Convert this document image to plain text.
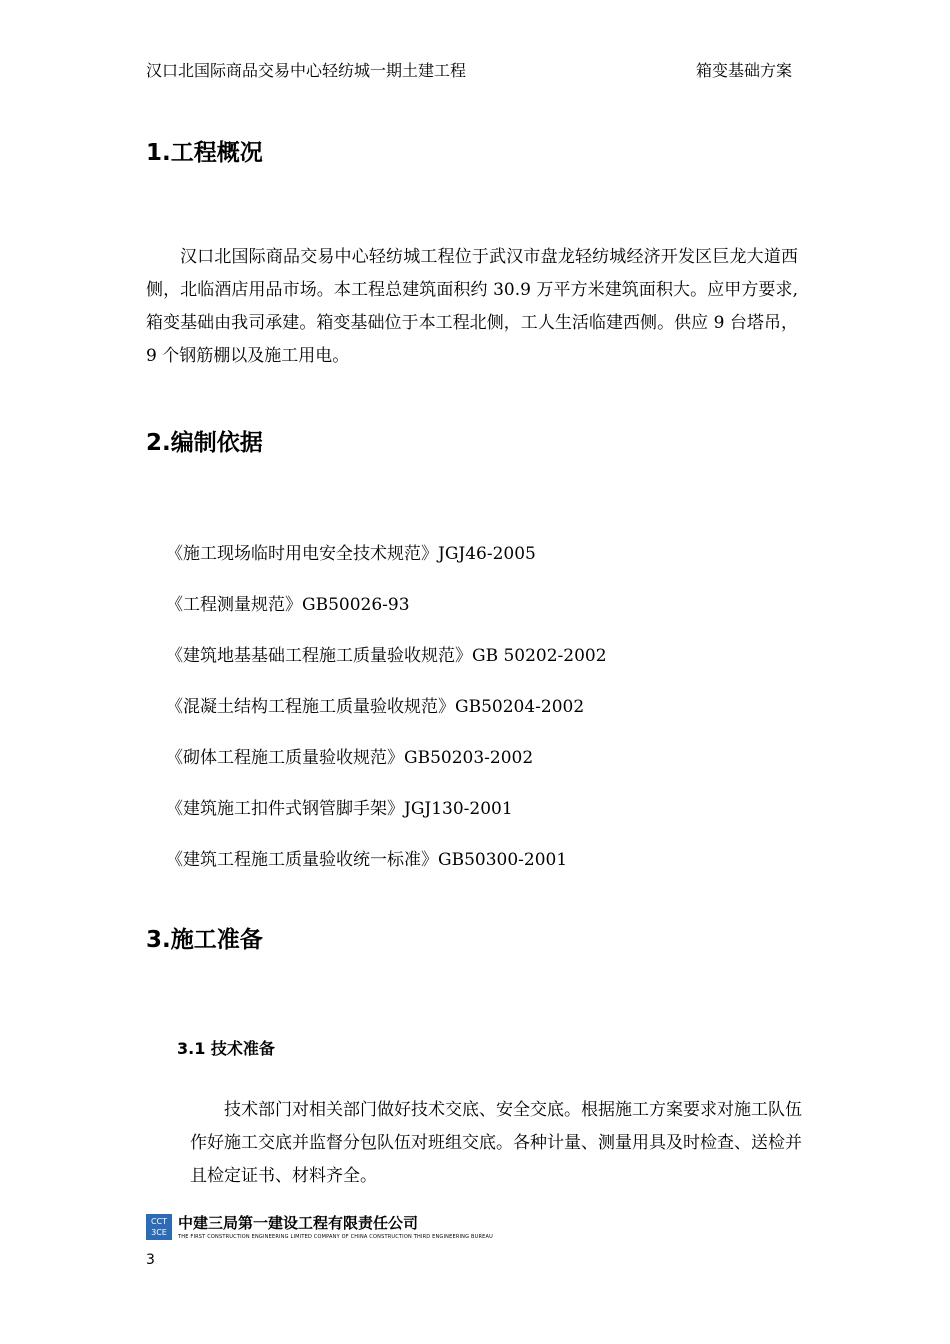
汉口北国际商品交易中心轻纺城一期土建工程	箱变基础方案
1.工程概况

汉口北国际商品交易中心轻纺城工程位于武汉市盘龙轻纺城经济开发区巨龙大道西侧，北临酒店用品市场。本工程总建筑面积约 30.9 万平方米建筑面积大。应甲方要求,箱变基础由我司承建。箱变基础位于本工程北侧，工人生活临建西侧。供应 9 台塔吊，9 个钢筋棚以及施工用电。

2.编制依据

《施工现场临时用电安全技术规范》JGJ46-2005

《工程测量规范》GB50026-93

《建筑地基基础工程施工质量验收规范》GB 50202-2002

《混凝土结构工程施工质量验收规范》GB50204-2002

《砌体工程施工质量验收规范》GB50203-2002

《建筑施工扣件式钢管脚手架》JGJ130-2001

《建筑工程施工质量验收统一标准》GB50300-2001

3.施工准备
3.1 技术准备

技术部门对相关部门做好技术交底、安全交底。根据施工方案要求对施工队伍作好施工交底并监督分包队伍对班组交底。各种计量、测量用具及时检查、送检并且检定证书、材料齐全。

CCT
3CE
中建三局第一建设工程有限责任公司
THE FIRST CONSTRUCTION ENGINEERING LIMITED COMPANY OF CHINA CONSTRUCTION THIRD ENGINEERING BUREAU
3
